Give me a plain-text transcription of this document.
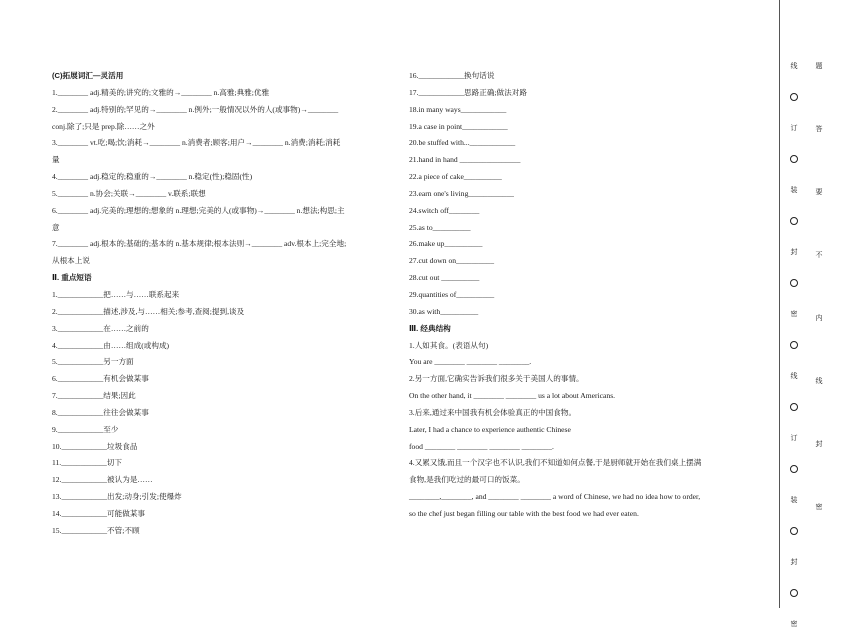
(C)拓展词汇—灵活用
1.________ adj.精美的;讲究的;文雅的→________ n.高雅;典雅;优雅
2.________ adj.特别的;罕见的→________ n.例外;一般情况以外的人(或事物)→________
conj.除了;只是 prep.除……之外
3.________ vt.吃;喝;饮;消耗→________ n.消费者;顾客;用户→________ n.消费;消耗;消耗
量
4.________ adj.稳定的;稳重的→________ n.稳定(性);稳固(性)
5.________ n.协会;关联→________ v.联系;联想
6.________ adj.完美的;理想的;想象的 n.理想;完美的人(或事物)→________ n.想法;构思;主
意
7.________ adj.根本的;基础的;基本的 n.基本规律;根本法则→________ adv.根本上;完全地;
从根本上说
Ⅱ. 重点短语
1.____________把……与……联系起来
2.____________描述,涉及,与……相关;参考,查阅;提到,谈及
3.____________在……之前的
4.____________由……组成(或构成)
5.____________另一方面
6.____________有机会做某事
7.____________结果;因此
8.____________往往会做某事
9.____________至少
10.____________垃圾食品
11.____________切下
12.____________被认为是……
13.____________出发;动身;引发;使爆炸
14.____________可能做某事
15.____________不管;不顾
16.____________换句话说
17.____________思路正确;做法对路
18.in many ways____________
19.a case in point____________
20.be stuffed with...____________
21.hand in hand ________________
22.a piece of cake__________
23.earn one's living____________
24.switch off________
25.as to__________
26.make up__________
27.cut down on__________
28.cut out __________
29.quantities of__________
30.as with__________
Ⅲ. 经典结构
1.人如其食。(表语从句)
You are ________ ________ ________.
2.另一方面,它确实告诉我们很多关于美国人的事情。
On the other hand, it ________ ________ us a lot about Americans.
3.后来,通过来中国我有机会体验真正的中国食物。
Later, I had a chance to experience authentic Chinese
food ________ ________ ________ ________.
4.又累又饿,而且一个汉字也不认识,我们不知道如何点餐,于是厨师就开始在我们桌上摆满
食物,是我们吃过的最可口的饭菜。
________,________, and ________ ________ a word of Chinese, we had no idea how to order,
so the chef just began filling our table with the best food we had ever eaten.
线
订
装
封
密
线
订
装
封
密
题
答
要
不
内
线
封
密
